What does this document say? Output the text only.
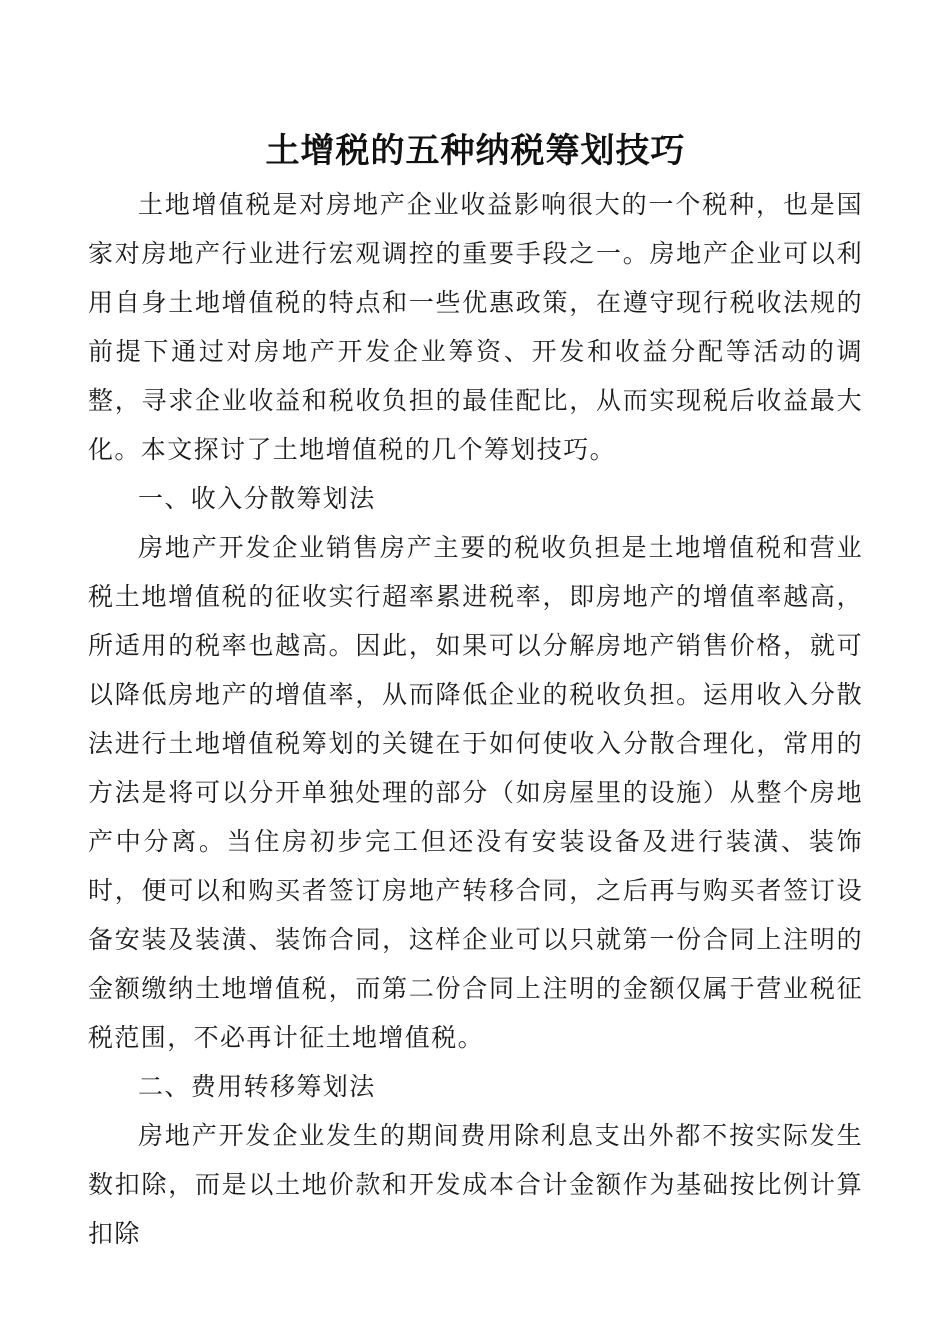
土增税的五种纳税筹划技巧

土地增值税是对房地产企业收益影响很大的一个税种，也是国家对房地产行业进行宏观调控的重要手段之一。房地产企业可以利用自身土地增值税的特点和一些优惠政策，在遵守现行税收法规的前提下通过对房地产开发企业筹资、开发和收益分配等活动的调整，寻求企业收益和税收负担的最佳配比，从而实现税后收益最大化。本文探讨了土地增值税的几个筹划技巧。

一、收入分散筹划法

房地产开发企业销售房产主要的税收负担是土地增值税和营业税土地增值税的征收实行超率累进税率，即房地产的增值率越高，所适用的税率也越高。因此，如果可以分解房地产销售价格，就可以降低房地产的增值率，从而降低企业的税收负担。运用收入分散法进行土地增值税筹划的关键在于如何使收入分散合理化，常用的方法是将可以分开单独处理的部分（如房屋里的设施）从整个房地产中分离。当住房初步完工但还没有安装设备及进行装潢、装饰时，便可以和购买者签订房地产转移合同，之后再与购买者签订设备安装及装潢、装饰合同，这样企业可以只就第一份合同上注明的金额缴纳土地增值税，而第二份合同上注明的金额仅属于营业税征税范围，不必再计征土地增值税。

二、费用转移筹划法

房地产开发企业发生的期间费用除利息支出外都不按实际发生数扣除，而是以土地价款和开发成本合计金额作为基础按比例计算扣除
